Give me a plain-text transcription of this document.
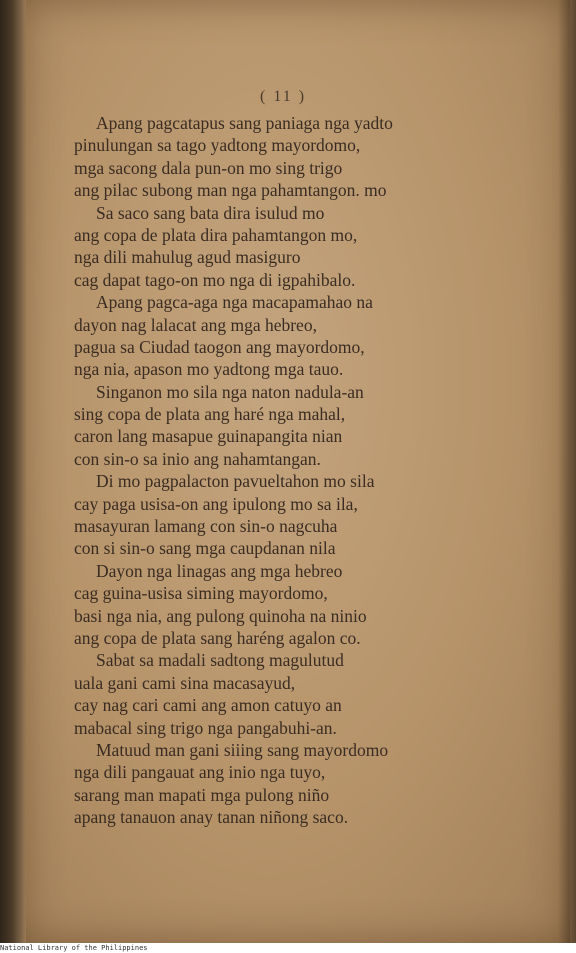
( 11 )
Apang pagcatapus sang paniaga nga yadto
pinulungan sa tago yadtong mayordomo,
mga sacong dala pun-on mo sing trigo
ang pilac subong man nga pahamtangon. mo
Sa saco sang bata dira isulud mo
ang copa de plata dira pahamtangon mo,
nga dili mahulug agud masiguro
cag dapat tago-on mo nga di igpahibalo.
Apang pagca-aga nga macapamahao na
dayon nag lalacat ang mga hebreo,
pagua sa Ciudad taogon ang mayordomo,
nga nia, apason mo yadtong mga tauo.
Singanon mo sila nga naton nadula-an
sing copa de plata ang haré nga mahal,
caron lang masapue guinapangita nian
con sin-o sa inio ang nahamtangan.
Di mo pagpalacton pavueltahon mo sila
cay paga usisa-on ang ipulong mo sa ila,
masayuran lamang con sin-o nagcuha
con si sin-o sang mga caupdanan nila
Dayon nga linagas ang mga hebreo
cag guina-usisa siming mayordomo,
basi nga nia, ang pulong quinoha na ninio
ang copa de plata sang haréng agalon co.
Sabat sa madali sadtong magulutud
uala gani cami sina macasayud,
cay nag cari cami ang amon catuyo an
mabacal sing trigo nga pangabuhi-an.
Matuud man gani siiing sang mayordomo
nga dili pangauat ang inio nga tuyo,
sarang man mapati mga pulong niño
apang tanauon anay tanan niñong saco.
National Library of the Philippines
